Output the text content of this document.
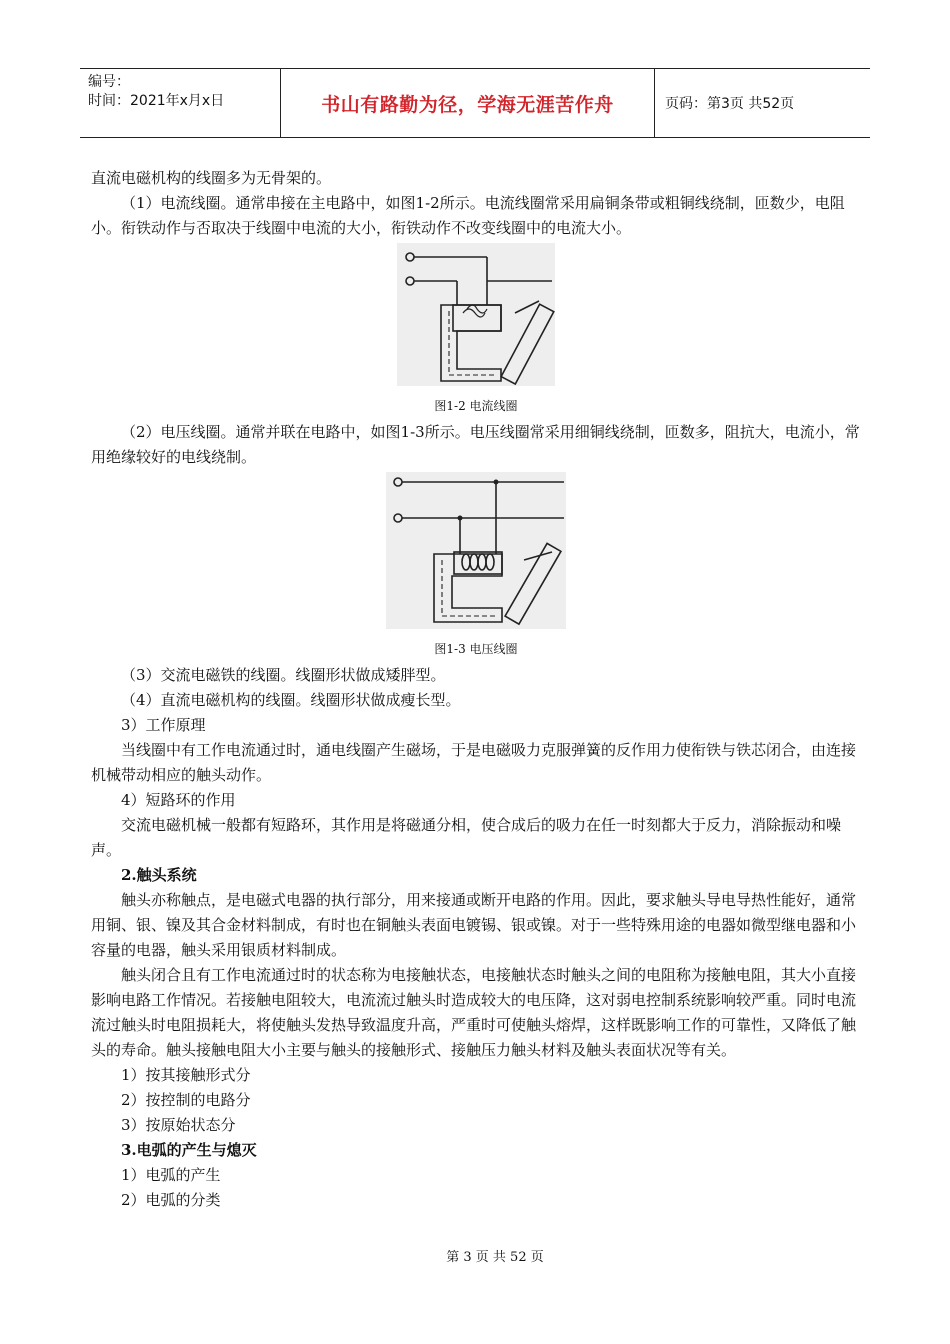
编号：
时间：2021年x月x日	书山有路勤为径，学海无涯苦作舟	页码：第3页 共52页

直流电磁机构的线圈多为无骨架的。

（1）电流线圈。通常串接在主电路中，如图1-2所示。电流线圈常采用扁铜条带或粗铜线绕制，匝数少，电阻小。衔铁动作与否取决于线圈中电流的大小，衔铁动作不改变线圈中的电流大小。

图1-2 电流线圈

（2）电压线圈。通常并联在电路中，如图1-3所示。电压线圈常采用细铜线绕制，匝数多，阻抗大，电流小，常用绝缘较好的电线绕制。

图1-3 电压线圈

（3）交流电磁铁的线圈。线圈形状做成矮胖型。

（4）直流电磁机构的线圈。线圈形状做成瘦长型。

3）工作原理

当线圈中有工作电流通过时，通电线圈产生磁场，于是电磁吸力克服弹簧的反作用力使衔铁与铁芯闭合，由连接机械带动相应的触头动作。

4）短路环的作用

交流电磁机械一般都有短路环，其作用是将磁通分相，使合成后的吸力在任一时刻都大于反力，消除振动和噪声。

2.触头系统

触头亦称触点，是电磁式电器的执行部分，用来接通或断开电路的作用。因此，要求触头导电导热性能好，通常用铜、银、镍及其合金材料制成，有时也在铜触头表面电镀锡、银或镍。对于一些特殊用途的电器如微型继电器和小容量的电器，触头采用银质材料制成。

触头闭合且有工作电流通过时的状态称为电接触状态，电接触状态时触头之间的电阻称为接触电阻，其大小直接影响电路工作情况。若接触电阻较大，电流流过触头时造成较大的电压降，这对弱电控制系统影响较严重。同时电流流过触头时电阻损耗大，将使触头发热导致温度升高，严重时可使触头熔焊，这样既影响工作的可靠性，又降低了触头的寿命。触头接触电阻大小主要与触头的接触形式、接触压力触头材料及触头表面状况等有关。

1）按其接触形式分

2）按控制的电路分

3）按原始状态分

3.电弧的产生与熄灭

1）电弧的产生

2）电弧的分类

第 3 页 共 52 页
